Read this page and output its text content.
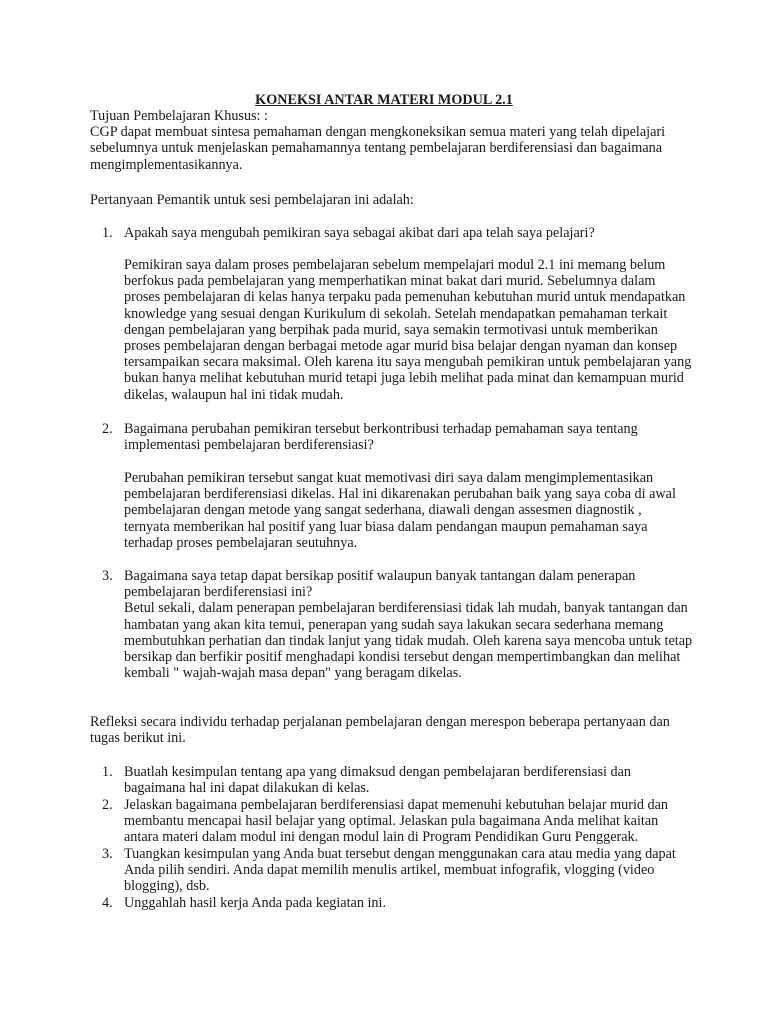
KONEKSI ANTAR MATERI MODUL 2.1

Tujuan Pembelajaran Khusus: :
CGP dapat membuat sintesa pemahaman dengan mengkoneksikan semua materi yang telah dipelajari
sebelumnya untuk menjelaskan pemahamannya tentang pembelajaran berdiferensiasi dan bagaimana
mengimplementasikannya.
Pertanyaan Pemantik untuk sesi pembelajaran ini adalah:

1. Apakah saya mengubah pemikiran saya sebagai akibat dari apa telah saya pelajari?
Pemikiran saya dalam proses pembelajaran sebelum mempelajari modul 2.1 ini memang belum
berfokus pada pembelajaran yang memperhatikan minat bakat dari murid. Sebelumnya dalam
proses pembelajaran di kelas hanya terpaku pada pemenuhan kebutuhan murid untuk mendapatkan
knowledge yang sesuai dengan Kurikulum di sekolah. Setelah mendapatkan pemahaman terkait
dengan pembelajaran yang berpihak pada murid, saya semakin termotivasi untuk memberikan
proses pembelajaran dengan berbagai metode agar murid bisa belajar dengan nyaman dan konsep
tersampaikan secara maksimal. Oleh karena itu saya mengubah pemikiran untuk pembelajaran yang
bukan hanya melihat kebutuhan murid tetapi juga lebih melihat pada minat dan kemampuan murid
dikelas, walaupun hal ini tidak mudah.

2. Bagaimana perubahan pemikiran tersebut berkontribusi terhadap pemahaman saya tentang
implementasi pembelajaran berdiferensiasi?
Perubahan pemikiran tersebut sangat kuat memotivasi diri saya dalam mengimplementasikan
pembelajaran berdiferensiasi dikelas. Hal ini dikarenakan perubahan baik yang saya coba di awal
pembelajaran dengan metode yang sangat sederhana, diawali dengan assesmen diagnostik ,
ternyata memberikan hal positif yang luar biasa dalam pendangan maupun pemahaman saya
terhadap proses pembelajaran seutuhnya.

3. Bagaimana saya tetap dapat bersikap positif walaupun banyak tantangan dalam penerapan
pembelajaran berdiferensiasi ini?
Betul sekali, dalam penerapan pembelajaran berdiferensiasi tidak lah mudah, banyak tantangan dan
hambatan yang akan kita temui, penerapan yang sudah saya lakukan secara sederhana memang
membutuhkan perhatian dan tindak lanjut yang tidak mudah. Oleh karena saya mencoba untuk tetap
bersikap dan berfikir positif menghadapi kondisi tersebut dengan mempertimbangkan dan melihat
kembali " wajah-wajah masa depan" yang beragam dikelas.
Refleksi secara individu terhadap perjalanan pembelajaran dengan merespon beberapa pertanyaan dan
tugas berikut ini.

1. Buatlah kesimpulan tentang apa yang dimaksud dengan pembelajaran berdiferensiasi dan
bagaimana hal ini dapat dilakukan di kelas.

2. Jelaskan bagaimana pembelajaran berdiferensiasi dapat memenuhi kebutuhan belajar murid dan
membantu mencapai hasil belajar yang optimal. Jelaskan pula bagaimana Anda melihat kaitan
antara materi dalam modul ini dengan modul lain di Program Pendidikan Guru Penggerak.

3. Tuangkan kesimpulan yang Anda buat tersebut dengan menggunakan cara atau media yang dapat
Anda pilih sendiri. Anda dapat memilih menulis artikel, membuat infografik, vlogging (video
blogging), dsb.

4. Unggahlah hasil kerja Anda pada kegiatan ini.
